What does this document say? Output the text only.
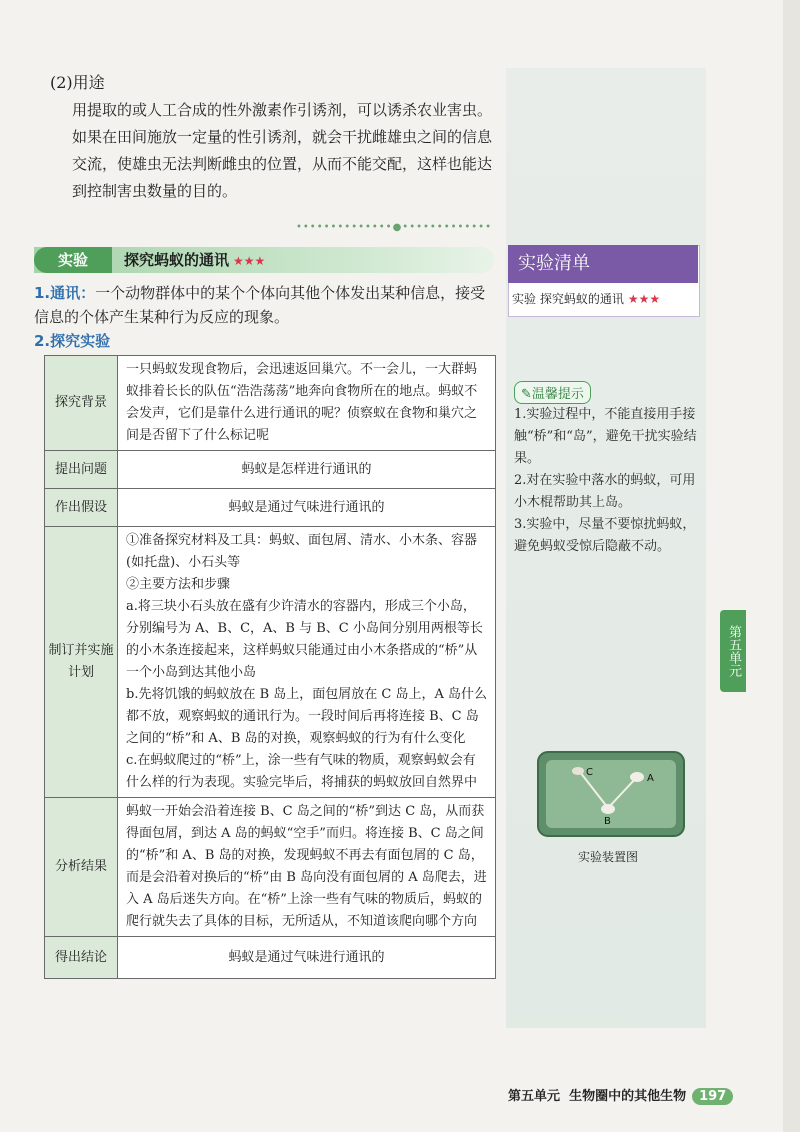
(2)用途
用提取的或人工合成的性外激素作引诱剂，可以诱杀农业害虫。如果在田间施放一定量的性引诱剂，就会干扰雌雄虫之间的信息交流，使雄虫无法判断雌虫的位置，从而不能交配，这样也能达到控制害虫数量的目的。
••••••••••••••●•••••••••••••
实验	探究蚂蚁的通讯 ★★★
1.通讯：一个动物群体中的某个个体向其他个体发出某种信息，接受信息的个体产生某种行为反应的现象。
2.探究实验
探究背景	一只蚂蚁发现食物后，会迅速返回巢穴。不一会儿，一大群蚂蚁排着长长的队伍“浩浩荡荡”地奔向食物所在的地点。蚂蚁不会发声，它们是靠什么进行通讯的呢？侦察蚁在食物和巢穴之间是否留下了什么标记呢
提出问题	蚂蚁是怎样进行通讯的
作出假设	蚂蚁是通过气味进行通讯的
制订并实施计划	①准备探究材料及工具：蚂蚁、面包屑、清水、小木条、容器(如托盘)、小石头等
②主要方法和步骤
a.将三块小石头放在盛有少许清水的容器内，形成三个小岛，分别编号为 A、B、C，A、B 与 B、C 小岛间分别用两根等长的小木条连接起来，这样蚂蚁只能通过由小木条搭成的“桥”从一个小岛到达其他小岛
b.先将饥饿的蚂蚁放在 B 岛上，面包屑放在 C 岛上，A 岛什么都不放，观察蚂蚁的通讯行为。一段时间后再将连接 B、C 岛之间的“桥”和 A、B 岛的对换，观察蚂蚁的行为有什么变化
c.在蚂蚁爬过的“桥”上，涂一些有气味的物质，观察蚂蚁会有什么样的行为表现。实验完毕后，将捕获的蚂蚁放回自然界中

分析结果	蚂蚁一开始会沿着连接 B、C 岛之间的“桥”到达 C 岛，从而获得面包屑，到达 A 岛的蚂蚁“空手”而归。将连接 B、C 岛之间的“桥”和 A、B 岛的对换，发现蚂蚁不再去有面包屑的 C 岛，而是会沿着对换后的“桥”由 B 岛向没有面包屑的 A 岛爬去，进入 A 岛后迷失方向。在“桥”上涂一些有气味的物质后，蚂蚁的爬行就失去了具体的目标，无所适从，不知道该爬向哪个方向
得出结论	蚂蚁是通过气味进行通讯的
实验清单
实验 探究蚂蚁的通讯 ★★★
✎温馨提示
1.实验过程中，不能直接用手接触“桥”和“岛”，避免干扰实验结果。
2.对在实验中落水的蚂蚁，可用小木棍帮助其上岛。
3.实验中，尽量不要惊扰蚂蚁，避免蚂蚁受惊后隐蔽不动。
第五单元
C
A
B
实验装置图
第五单元 生物圈中的其他生物 197
